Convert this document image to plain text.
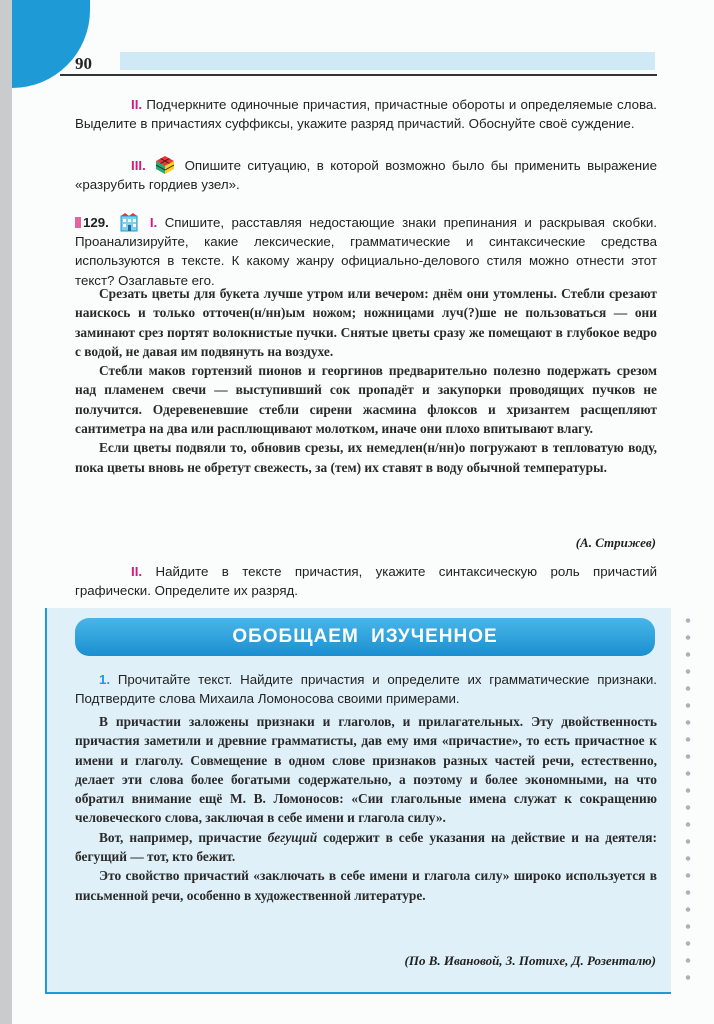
90
II. Подчеркните одиночные причастия, причастные обороты и определяемые слова. Выделите в причастиях суффиксы, укажите разряд причастий. Обоснуйте своё суждение.
III.	Опишите ситуацию, в которой возможно было бы применить выражение «разрубить гордиев узел».
129.	I. Спишите, расставляя недостающие знаки препинания и раскрывая скобки. Проанализируйте, какие лексические, грамматические и синтаксические средства используются в тексте. К какому жанру официально-делового стиля можно отнести этот текст? Озаглавьте его.

Срезать цветы для букета лучше утром или вечером: днём они утомлены. Стебли срезают наискось и только отточен(н/нн)ым ножом; ножницами луч(?)ше не пользоваться — они заминают срез портят волокнистые пучки. Снятые цветы сразу же помещают в глубокое ведро с водой, не давая им подвянуть на воздухе.

Стебли маков гортензий пионов и георгинов предварительно полезно подержать срезом над пламенем свечи — выступивший сок пропадёт и закупорки проводящих пучков не получится. Одеревеневшие стебли сирени жасмина флоксов и хризантем расщепляют сантиметра на два или расплющивают молотком, иначе они плохо впитывают влагу.

Если цветы подвяли то, обновив срезы, их немедлен(н/нн)о погружают в тепловатую воду, пока цветы вновь не обретут свежесть, за (тем) их ставят в воду обычной температуры.

(А. Стрижев)
II. Найдите в тексте причастия, укажите синтаксическую роль причастий графически. Определите их разряд.
ОБОБЩАЕМ ИЗУЧЕННОЕ
1. Прочитайте текст. Найдите причастия и определите их грамматические признаки. Подтвердите слова Михаила Ломоносова своими примерами.

В причастии заложены признаки и глаголов, и прилагательных. Эту двойственность причастия заметили и древние грамматисты, дав ему имя «причастие», то есть причастное к имени и глаголу. Совмещение в одном слове признаков разных частей речи, естественно, делает эти слова более богатыми содержательно, а поэтому и более экономными, на что обратил внимание ещё М. В. Ломоносов: «Сии глагольные имена служат к сокращению человеческого слова, заключая в себе имени и глагола силу».

Вот, например, причастие бегущий содержит в себе указания на действие и на деятеля: бегущий — тот, кто бежит.

Это свойство причастий «заключать в себе имени и глагола силу» широко используется в письменной речи, особенно в художественной литературе.

(По В. Ивановой, З. Потихе, Д. Розенталю)
